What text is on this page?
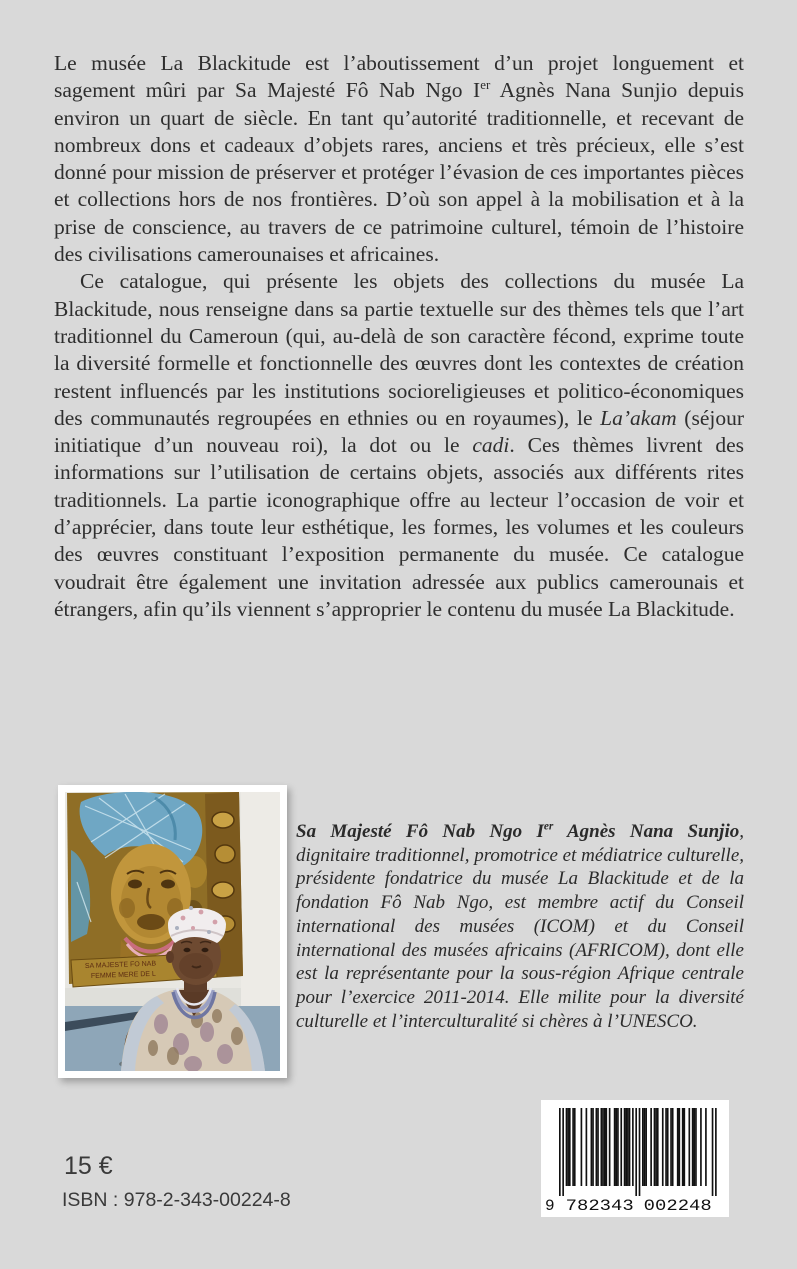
Le musée La Blackitude est l’aboutissement d’un projet longuement et sagement mûri par Sa Majesté Fô Nab Ngo Ier Agnès Nana Sunjio depuis environ un quart de siècle. En tant qu’autorité traditionnelle, et recevant de nombreux dons et cadeaux d’objets rares, anciens et très précieux, elle s’est donné pour mission de préserver et protéger l’évasion de ces importantes pièces et collections hors de nos frontières. D’où son appel à la mobilisation et à la prise de conscience, au travers de ce patrimoine culturel, témoin de l’histoire des civilisations camerounaises et africaines.

Ce catalogue, qui présente les objets des collections du musée La Blackitude, nous renseigne dans sa partie textuelle sur des thèmes tels que l’art traditionnel du Cameroun (qui, au-delà de son caractère fécond, exprime toute la diversité formelle et fonctionnelle des œuvres dont les contextes de création restent influencés par les institutions socioreligieuses et politico-économiques des communautés regroupées en ethnies ou en royaumes), le La’akam (séjour initiatique d’un nouveau roi), la dot ou le cadi. Ces thèmes livrent des informations sur l’utilisation de certains objets, associés aux différents rites traditionnels. La partie iconographique offre au lecteur l’occasion de voir et d’apprécier, dans toute leur esthétique, les formes, les volumes et les couleurs des œuvres constituant l’exposition permanente du musée. Ce catalogue voudrait être également une invitation adressée aux publics camerounais et étrangers, afin qu’ils viennent s’approprier le contenu du musée La Blackitude.

SA MAJESTE FO NAB
FEMME MERE DE L
Sa Majesté Fô Nab Ngo Ier Agnès Nana Sunjio, dignitaire traditionnel, promotrice et médiatrice culturelle, présidente fondatrice du musée La Blackitude et de la fondation Fô Nab Ngo, est membre actif du Conseil international des musées (ICOM) et du Conseil international des musées africains (AFRICOM), dont elle est la représentante pour la sous-région Afrique centrale pour l’exercice 2011-2014. Elle milite pour la diversité culturelle et l’interculturalité si chères à l’UNESCO.
15 €
ISBN : 978-2-343-00224-8	9 782343 002248
